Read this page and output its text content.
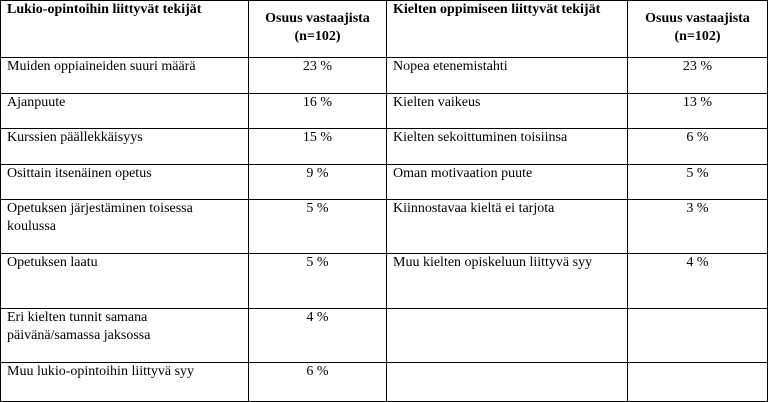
Lukio-opintoihin liittyvät tekijät	Osuus vastaajista (n=102)	Kielten oppimiseen liittyvät tekijät	Osuus vastaajista (n=102)
Muiden oppiaineiden suuri määrä	23 %	Nopea etenemistahti	23 %
Ajanpuute	16 %	Kielten vaikeus	13 %
Kurssien päällekkäisyys	15 %	Kielten sekoittuminen toisiinsa	6 %
Osittain itsenäinen opetus	9 %	Oman motivaation puute	5 %
Opetuksen järjestäminen toisessa koulussa	5 %	Kiinnostavaa kieltä ei tarjota	3 %
Opetuksen laatu	5 %	Muu kielten opiskeluun liittyvä syy	4 %
Eri kielten tunnit samana päivänä/samassa jaksossa	4 %		
Muu lukio-opintoihin liittyvä syy	6 %		
